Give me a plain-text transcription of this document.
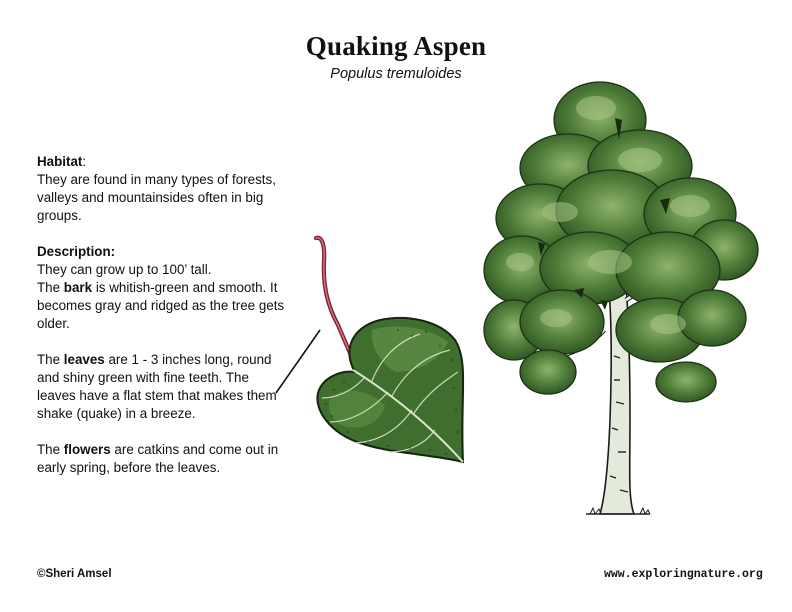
Quaking Aspen
Populus tremuloides

Habitat:

They are found in many types of forests, valleys and mountainsides often in big groups.

Description:

They can grow up to 100’ tall.

The bark is whitish-green and smooth. It becomes gray and ridged as the tree gets older.

The leaves are 1 - 3 inches long, round and shiny green with fine teeth. The leaves have a flat stem that makes them shake (quake) in a breeze.

The flowers are catkins and come out in early spring, before the leaves.

©Sheri Amsel	www.exploringnature.org
